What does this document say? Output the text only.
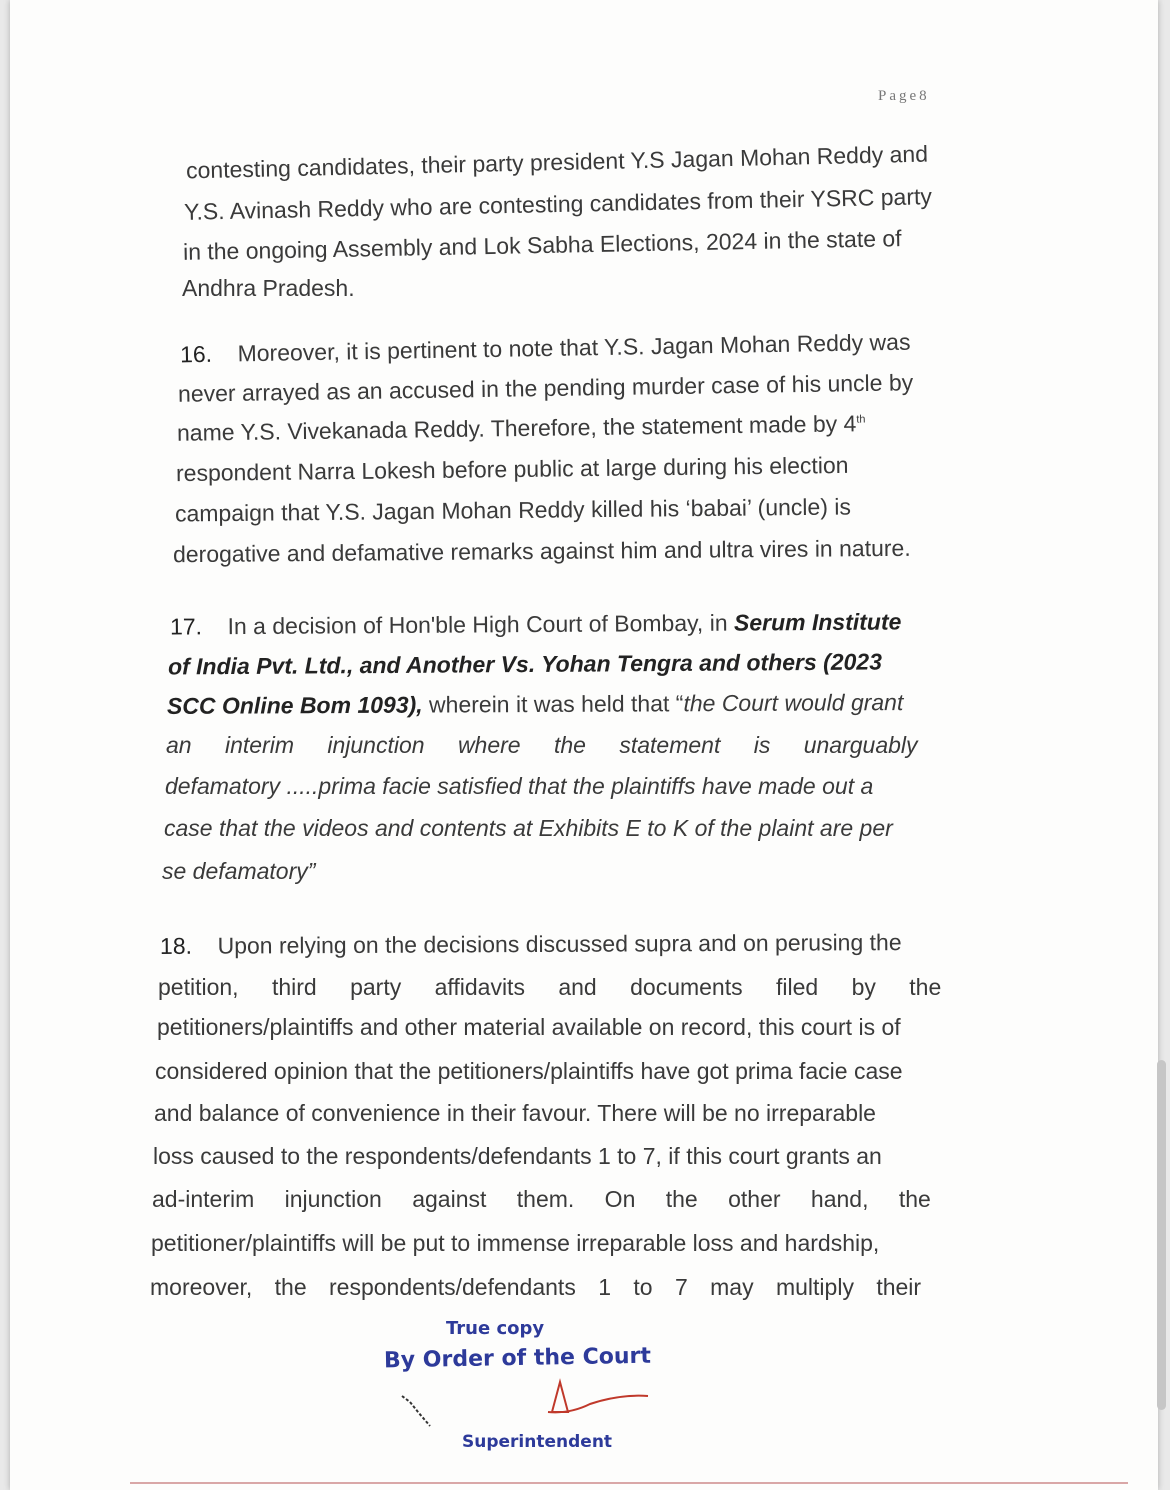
Page8
contesting candidates, their party president Y.S Jagan Mohan Reddy and
Y.S. Avinash Reddy who are contesting candidates from their YSRC party
in the ongoing Assembly and Lok Sabha Elections, 2024 in the state of
Andhra Pradesh.
16. Moreover, it is pertinent to note that Y.S. Jagan Mohan Reddy was
never arrayed as an accused in the pending murder case of his uncle by
name Y.S. Vivekanada Reddy. Therefore, the statement made by 4th
respondent Narra Lokesh before public at large during his election
campaign that Y.S. Jagan Mohan Reddy killed his ‘babai’ (uncle) is
derogative and defamative remarks against him and ultra vires in nature.
17. In a decision of Hon'ble High Court of Bombay, in Serum Institute
of India Pvt. Ltd., and Another Vs. Yohan Tengra and others (2023
SCC Online Bom 1093), wherein it was held that “the Court would grant
an interim injunction where the statement is unarguably
defamatory .....prima facie satisfied that the plaintiffs have made out a
case that the videos and contents at Exhibits E to K of the plaint are per
se defamatory”
18. Upon relying on the decisions discussed supra and on perusing the
petition, third party affidavits and documents filed by the
petitioners/plaintiffs and other material available on record, this court is of
considered opinion that the petitioners/plaintiffs have got prima facie case
and balance of convenience in their favour. There will be no irreparable
loss caused to the respondents/defendants 1 to 7, if this court grants an
ad-interim injunction against them. On the other hand, the
petitioner/plaintiffs will be put to immense irreparable loss and hardship,
moreover, the respondents/defendants 1 to 7 may multiply their
True copy
By Order of the Court
Superintendent
